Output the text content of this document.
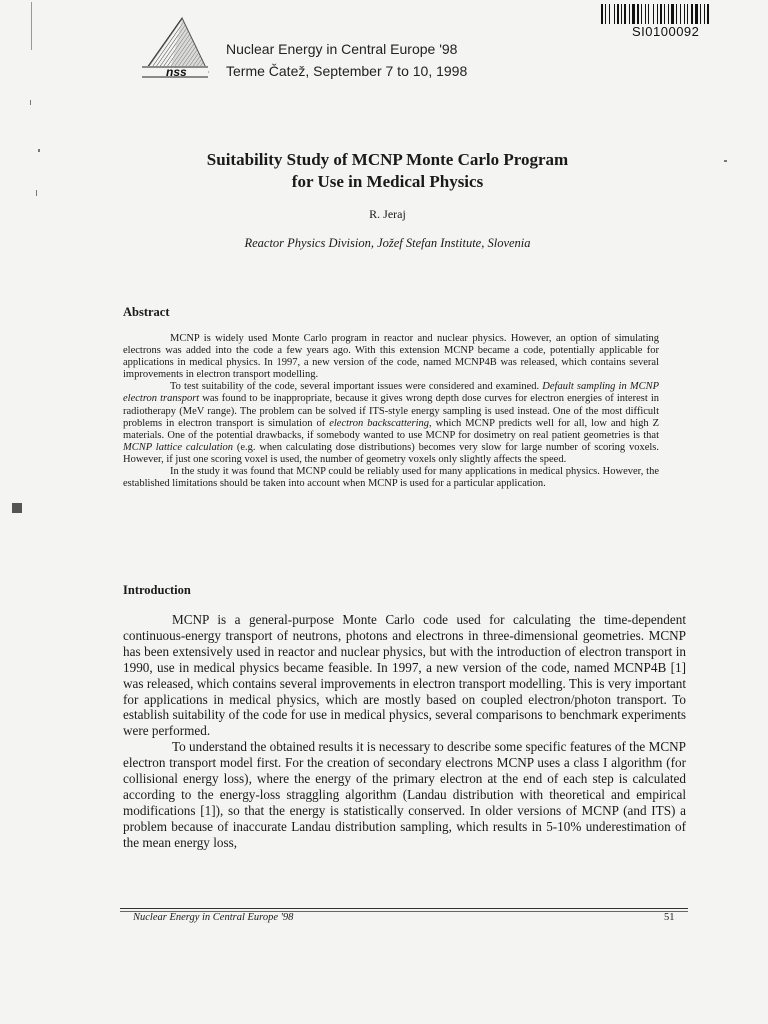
nss
Nuclear Energy in Central Europe '98
Terme Čatež, September 7 to 10, 1998
SI0100092
Suitability Study of MCNP Monte Carlo Program
for Use in Medical Physics
R. Jeraj
Reactor Physics Division, Jožef Stefan Institute, Slovenia
Abstract

MCNP is widely used Monte Carlo program in reactor and nuclear physics. However, an option of simulating electrons was added into the code a few years ago. With this extension MCNP became a code, potentially applicable for applications in medical physics. In 1997, a new version of the code, named MCNP4B was released, which contains several improvements in electron transport modelling.

To test suitability of the code, several important issues were considered and examined. Default sampling in MCNP electron transport was found to be inappropriate, because it gives wrong depth dose curves for electron energies of interest in radiotherapy (MeV range). The problem can be solved if ITS-style energy sampling is used instead. One of the most difficult problems in electron transport is simulation of electron backscattering, which MCNP predicts well for all, low and high Z materials. One of the potential drawbacks, if somebody wanted to use MCNP for dosimetry on real patient geometries is that MCNP lattice calculation (e.g. when calculating dose distributions) becomes very slow for large number of scoring voxels. However, if just one scoring voxel is used, the number of geometry voxels only slightly affects the speed.

In the study it was found that MCNP could be reliably used for many applications in medical physics. However, the established limitations should be taken into account when MCNP is used for a particular application.

Introduction

MCNP is a general-purpose Monte Carlo code used for calculating the time-dependent continuous-energy transport of neutrons, photons and electrons in three-dimensional geometries. MCNP has been extensively used in reactor and nuclear physics, but with the introduction of electron transport in 1990, use in medical physics became feasible. In 1997, a new version of the code, named MCNP4B [1] was released, which contains several improvements in electron transport modelling. This is very important for applications in medical physics, which are mostly based on coupled electron/photon transport. To establish suitability of the code for use in medical physics, several comparisons to benchmark experiments were performed.

To understand the obtained results it is necessary to describe some specific features of the MCNP electron transport model first. For the creation of secondary electrons MCNP uses a class I algorithm (for collisional energy loss), where the energy of the primary electron at the end of each step is calculated according to the energy-loss straggling algorithm (Landau distribution with theoretical and empirical modifications [1]), so that the energy is statistically conserved. In older versions of MCNP (and ITS) a problem because of inaccurate Landau distribution sampling, which results in 5-10% underestimation of the mean energy loss,

Nuclear Energy in Central Europe '98	51
